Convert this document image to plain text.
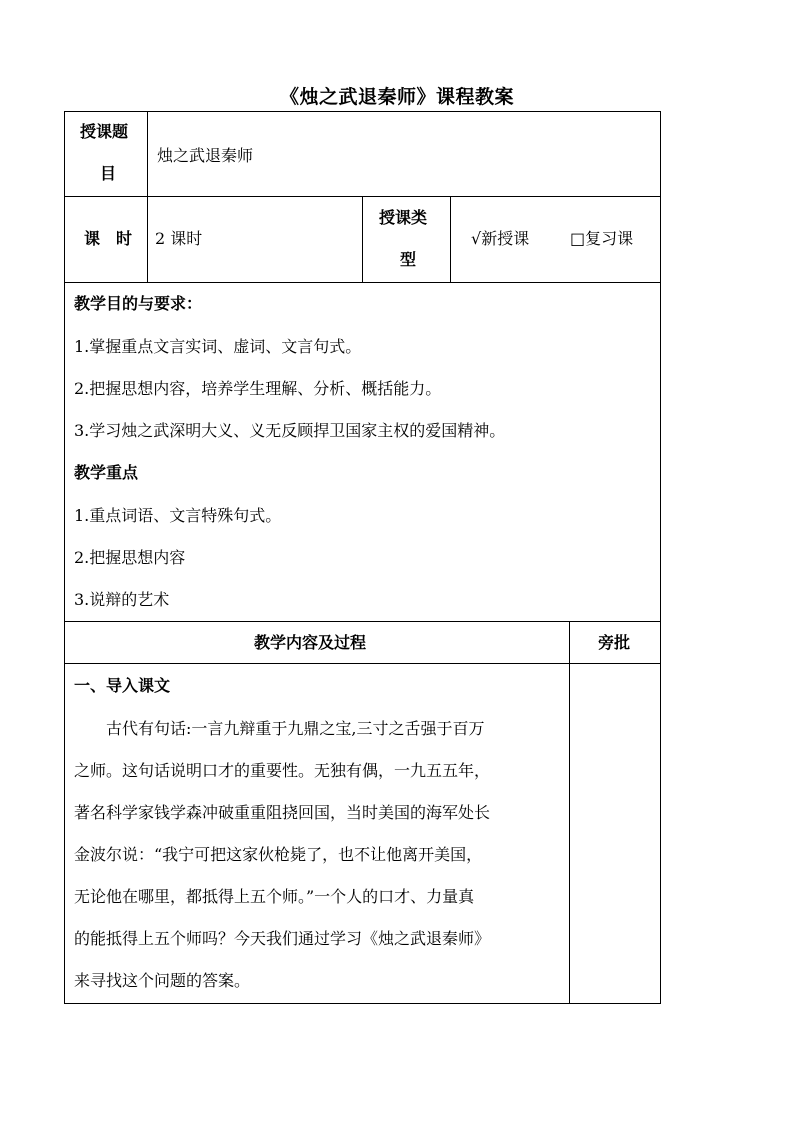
《烛之武退秦师》课程教案
授课题
目
烛之武退秦师
课　时 2 课时
授课类
型
√新授课	□复习课
教学目的与要求：
1.掌握重点文言实词、虚词、文言句式。
2.把握思想内容，培养学生理解、分析、概括能力。
3.学习烛之武深明大义、义无反顾捍卫国家主权的爱国精神。
教学重点
1.重点词语、文言特殊句式。
2.把握思想内容
3.说辩的艺术
教学内容及过程	旁批
一、导入课文
古代有句话:一言九辩重于九鼎之宝,三寸之舌强于百万
之师。这句话说明口才的重要性。无独有偶，一九五五年，
著名科学家钱学森冲破重重阻挠回国，当时美国的海军处长
金波尔说：“我宁可把这家伙枪毙了，也不让他离开美国，
无论他在哪里，都抵得上五个师。”一个人的口才、力量真
的能抵得上五个师吗？今天我们通过学习《烛之武退秦师》
来寻找这个问题的答案。
